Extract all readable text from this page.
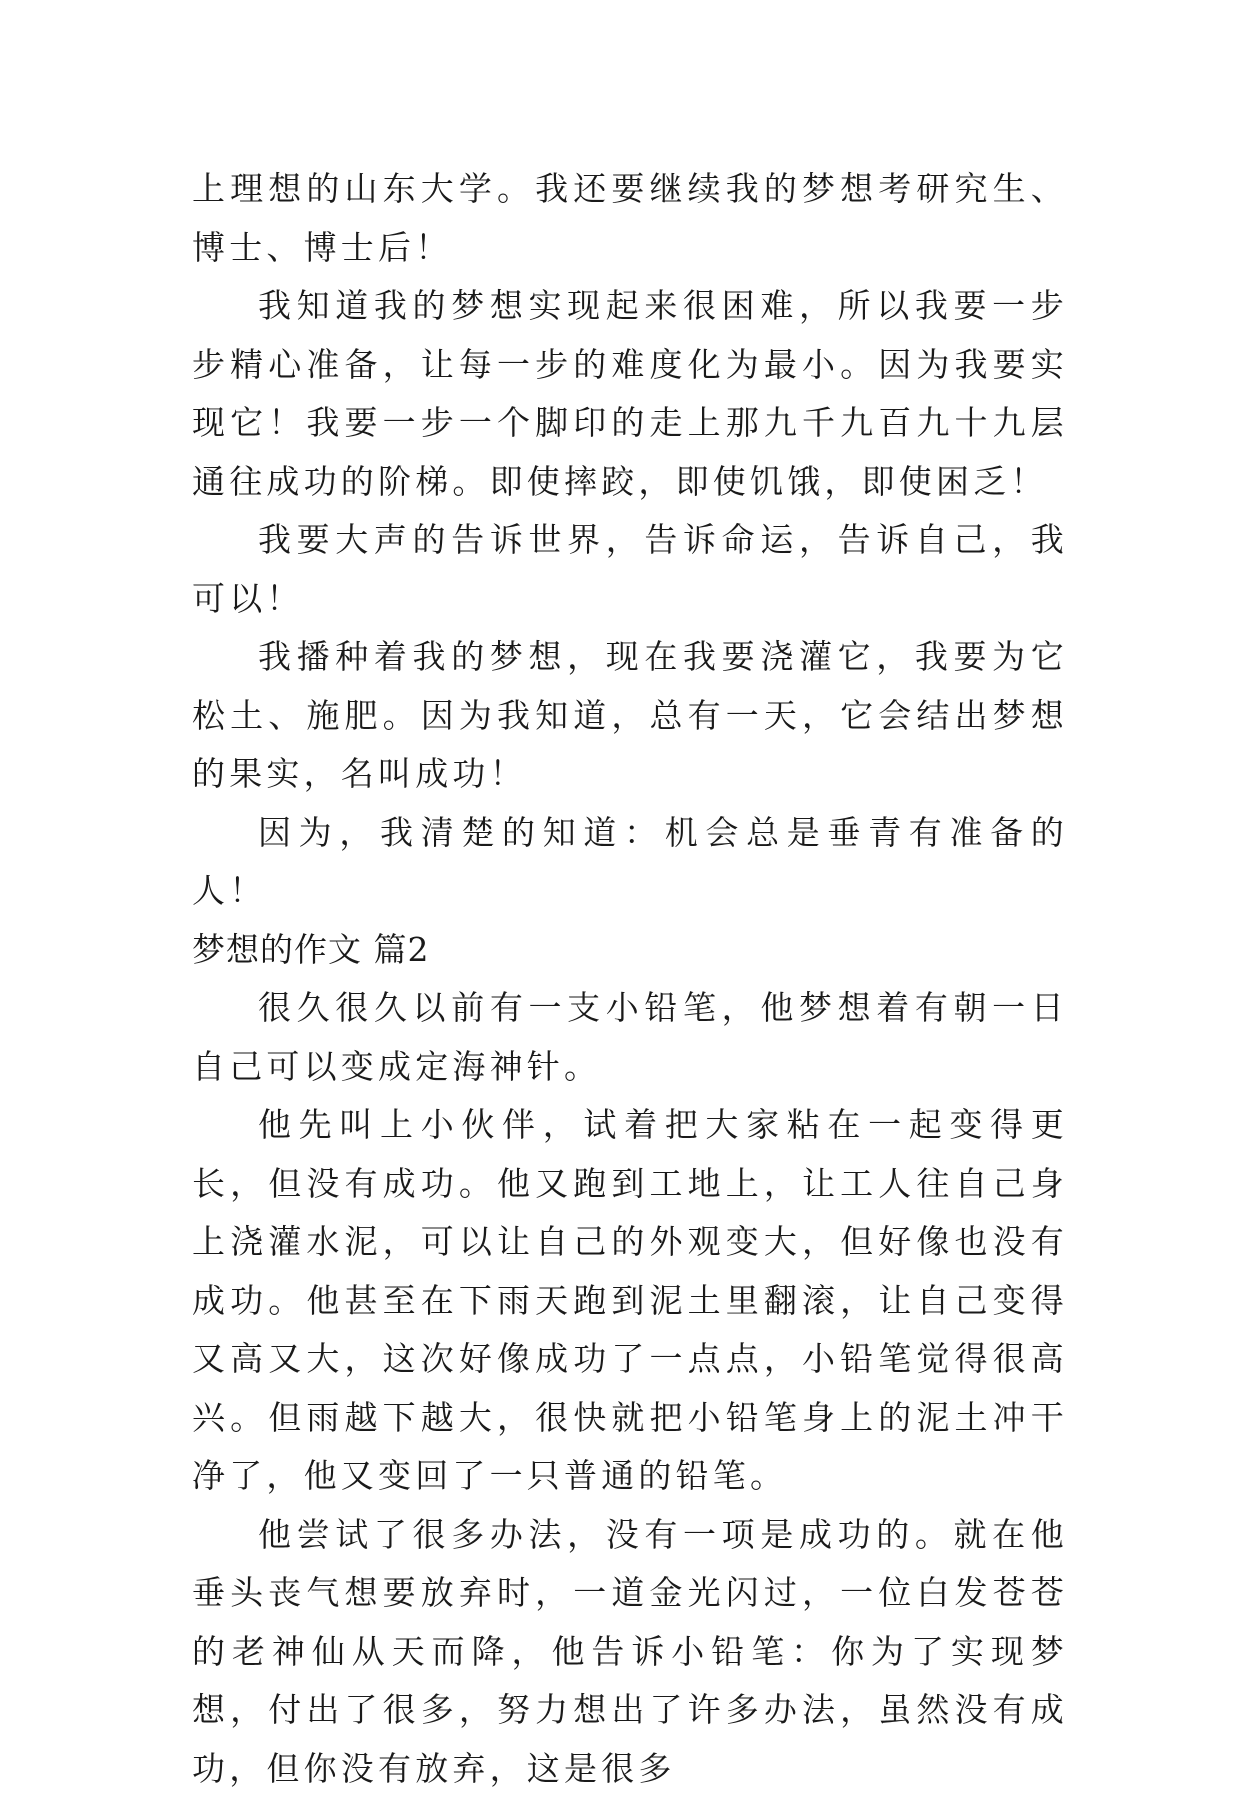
上理想的山东大学。我还要继续我的梦想考研究生、博士、博士后！

我知道我的梦想实现起来很困难，所以我要一步步精心准备，让每一步的难度化为最小。因为我要实现它！我要一步一个脚印的走上那九千九百九十九层通往成功的阶梯。即使摔跤，即使饥饿，即使困乏！

我要大声的告诉世界，告诉命运，告诉自己，我可以！

我播种着我的梦想，现在我要浇灌它，我要为它松土、施肥。因为我知道，总有一天，它会结出梦想的果实，名叫成功！

因为，我清楚的知道：机会总是垂青有准备的人！

梦想的作文 篇2

很久很久以前有一支小铅笔，他梦想着有朝一日自己可以变成定海神针。

他先叫上小伙伴，试着把大家粘在一起变得更长，但没有成功。他又跑到工地上，让工人往自己身上浇灌水泥，可以让自己的外观变大，但好像也没有成功。他甚至在下雨天跑到泥土里翻滚，让自己变得又高又大，这次好像成功了一点点，小铅笔觉得很高兴。但雨越下越大，很快就把小铅笔身上的泥土冲干净了，他又变回了一只普通的铅笔。

他尝试了很多办法，没有一项是成功的。就在他垂头丧气想要放弃时，一道金光闪过，一位白发苍苍的老神仙从天而降，他告诉小铅笔：你为了实现梦想，付出了很多，努力想出了许多办法，虽然没有成功，但你没有放弃，这是很多
